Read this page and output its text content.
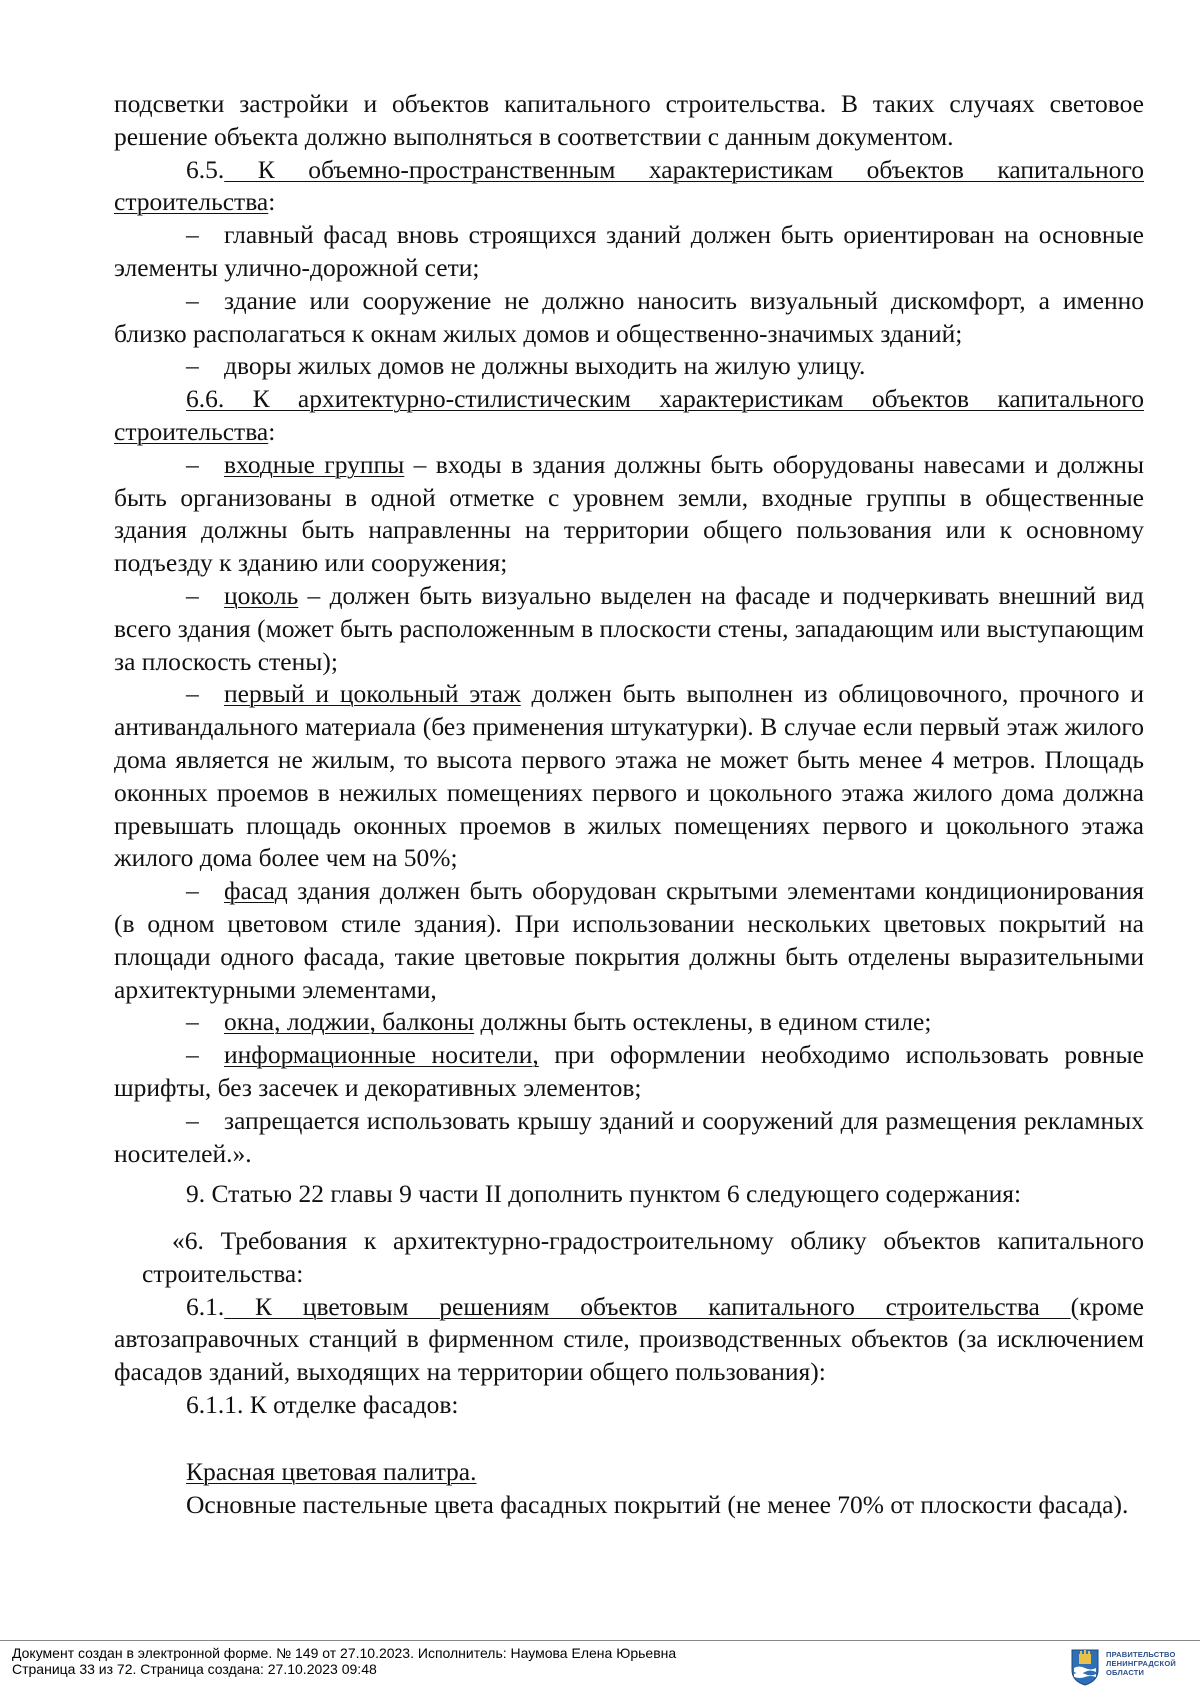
подсветки застройки и объектов капитального строительства. В таких случаях световое решение объекта должно выполняться в соответствии с данным документом.

6.5. К объемно-пространственным характеристикам объектов капитального строительства:

– главный фасад вновь строящихся зданий должен быть ориентирован на основные элементы улично-дорожной сети;

– здание или сооружение не должно наносить визуальный дискомфорт, а именно близко располагаться к окнам жилых домов и общественно-значимых зданий;

– дворы жилых домов не должны выходить на жилую улицу.

6.6. К архитектурно-стилистическим характеристикам объектов капитального строительства:

– входные группы – входы в здания должны быть оборудованы навесами и должны быть организованы в одной отметке с уровнем земли, входные группы в общественные здания должны быть направленны на территории общего пользования или к основному подъезду к зданию или сооружения;

– цоколь – должен быть визуально выделен на фасаде и подчеркивать внешний вид всего здания (может быть расположенным в плоскости стены, западающим или выступающим за плоскость стены);

– первый и цокольный этаж должен быть выполнен из облицовочного, прочного и антивандального материала (без применения штукатурки). В случае если первый этаж жилого дома является не жилым, то высота первого этажа не может быть менее 4 метров. Площадь оконных проемов в нежилых помещениях первого и цокольного этажа жилого дома должна превышать площадь оконных проемов в жилых помещениях первого и цокольного этажа жилого дома более чем на 50%;

– фасад здания должен быть оборудован скрытыми элементами кондиционирования (в одном цветовом стиле здания). При использовании нескольких цветовых покрытий на площади одного фасада, такие цветовые покрытия должны быть отделены выразительными архитектурными элементами,

– окна, лоджии, балконы должны быть остеклены, в едином стиле;

– информационные носители, при оформлении необходимо использовать ровные шрифты, без засечек и декоративных элементов;

– запрещается использовать крышу зданий и сооружений для размещения рекламных носителей.».

9. Статью 22 главы 9 части II дополнить пунктом 6 следующего содержания:

«6. Требования к архитектурно-градостроительному облику объектов капитального строительства:

6.1. К цветовым решениям объектов капитального строительства (кроме автозаправочных станций в фирменном стиле, производственных объектов (за исключением фасадов зданий, выходящих на территории общего пользования):

6.1.1. К отделке фасадов:

Красная цветовая палитра.

Основные пастельные цвета фасадных покрытий (не менее 70% от плоскости фасада).

Документ создан в электронной форме. № 149 от 27.10.2023. Исполнитель: Наумова Елена Юрьевна
Страница 33 из 72. Страница создана: 27.10.2023 09:48
ПРАВИТЕЛЬСТВО ЛЕНИНГРАДСКОЙ ОБЛАСТИ
